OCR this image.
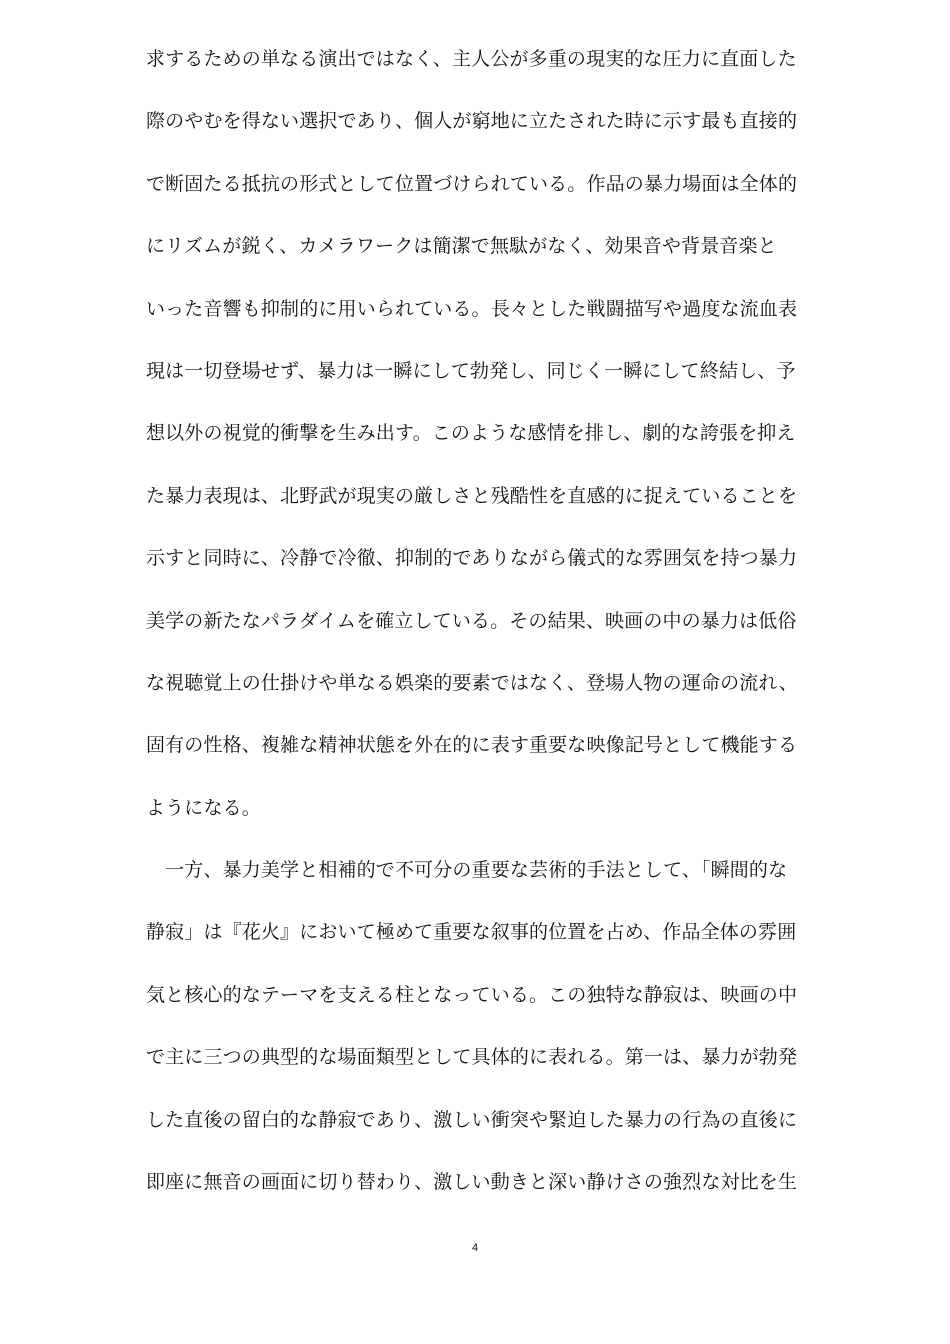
求するための単なる演出ではなく、主人公が多重の現実的な圧力に直面した
際のやむを得ない選択であり、個人が窮地に立たされた時に示す最も直接的
で断固たる抵抗の形式として位置づけられている。作品の暴力場面は全体的
にリズムが鋭く、カメラワークは簡潔で無駄がなく、効果音や背景音楽と
いった音響も抑制的に用いられている。長々とした戦闘描写や過度な流血表
現は一切登場せず、暴力は一瞬にして勃発し、同じく一瞬にして終結し、予
想以外の視覚的衝撃を生み出す。このような感情を排し、劇的な誇張を抑え
た暴力表現は、北野武が現実の厳しさと残酷性を直感的に捉えていることを
示すと同時に、冷静で冷徹、抑制的でありながら儀式的な雰囲気を持つ暴力
美学の新たなパラダイムを確立している。その結果、映画の中の暴力は低俗
な視聴覚上の仕掛けや単なる娯楽的要素ではなく、登場人物の運命の流れ、
固有の性格、複雑な精神状態を外在的に表す重要な映像記号として機能する
ようになる。
　一方、暴力美学と相補的で不可分の重要な芸術的手法として、「瞬間的な
静寂」は『花火』において極めて重要な叙事的位置を占め、作品全体の雰囲
気と核心的なテーマを支える柱となっている。この独特な静寂は、映画の中
で主に三つの典型的な場面類型として具体的に表れる。第一は、暴力が勃発
した直後の留白的な静寂であり、激しい衝突や緊迫した暴力の行為の直後に
即座に無音の画面に切り替わり、激しい動きと深い静けさの強烈な対比を生
4
